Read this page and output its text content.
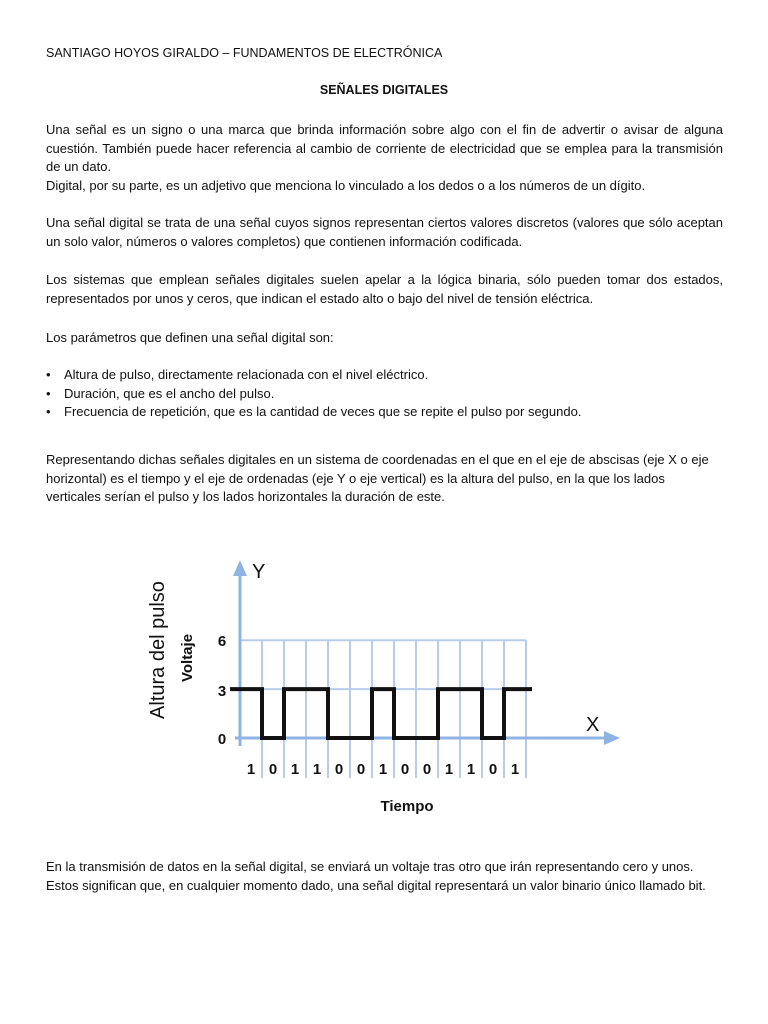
SANTIAGO HOYOS GIRALDO – FUNDAMENTOS DE ELECTRÓNICA
SEÑALES DIGITALES

Una señal es un signo o una marca que brinda información sobre algo con el fin de advertir o avisar de alguna cuestión. También puede hacer referencia al cambio de corriente de electricidad que se emplea para la transmisión de un dato.
Digital, por su parte, es un adjetivo que menciona lo vinculado a los dedos o a los números de un dígito.

Una señal digital se trata de una señal cuyos signos representan ciertos valores discretos (valores que sólo aceptan un solo valor, números o valores completos) que contienen información codificada.

Los sistemas que emplean señales digitales suelen apelar a la lógica binaria, sólo pueden tomar dos estados, representados por unos y ceros, que indican el estado alto o bajo del nivel de tensión eléctrica.

Los parámetros que definen una señal digital son:

• Altura de pulso, directamente relacionada con el nivel eléctrico.
• Duración, que es el ancho del pulso.
• Frecuencia de repetición, que es la cantidad de veces que se repite el pulso por segundo.

Representando dichas señales digitales en un sistema de coordenadas en el que en el eje de abscisas (eje X o eje horizontal) es el tiempo y el eje de ordenadas (eje Y o eje vertical) es la altura del pulso, en la que los lados verticales serían el pulso y los lados horizontales la duración de este.

Y
X
6
3
0
Altura del pulso Voltaje
1 0 1 1 0 0 1 0 0 1 1 0 1
Tiempo

En la transmisión de datos en la señal digital, se enviará un voltaje tras otro que irán representando cero y unos. Estos significan que, en cualquier momento dado, una señal digital representará un valor binario único llamado bit.
